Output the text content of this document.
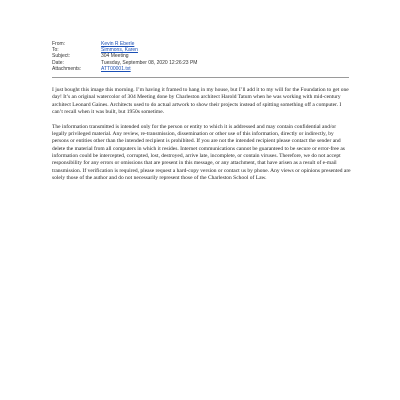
From:	Kevin R Eberle
To:	Simmons, Karen
Subject:	304 Meeting
Date:	Tuesday, September 08, 2020 12:26:23 PM
Attachments:	ATT00001.txt

I just bought this image this morning. I’m having it framed to hang in my house, but I’ll add it to my will for the Foundation to get one day! It’s an original watercolor of 304 Meeting done by Charleston architect Harold Tatum when he was working with mid-century architect Leonard Gaines. Architects used to do actual artwork to show their projects instead of spitting something off a computer. I can’t recall when it was built, but 1950s sometime.

The information transmitted is intended only for the person or entity to which it is addressed and may contain confidential and/or legally privileged material. Any review, re-transmission, dissemination or other use of this information, directly or indirectly, by persons or entities other than the intended recipient is prohibited. If you are not the intended recipient please contact the sender and delete the material from all computers in which it resides. Internet communications cannot be guaranteed to be secure or error-free as information could be intercepted, corrupted, lost, destroyed, arrive late, incomplete, or contain viruses. Therefore, we do not accept responsibility for any errors or omissions that are present in this message, or any attachment, that have arisen as a result of e-mail transmission. If verification is required, please request a hard-copy version or contact us by phone. Any views or opinions presented are solely those of the author and do not necessarily represent those of the Charleston School of Law.
